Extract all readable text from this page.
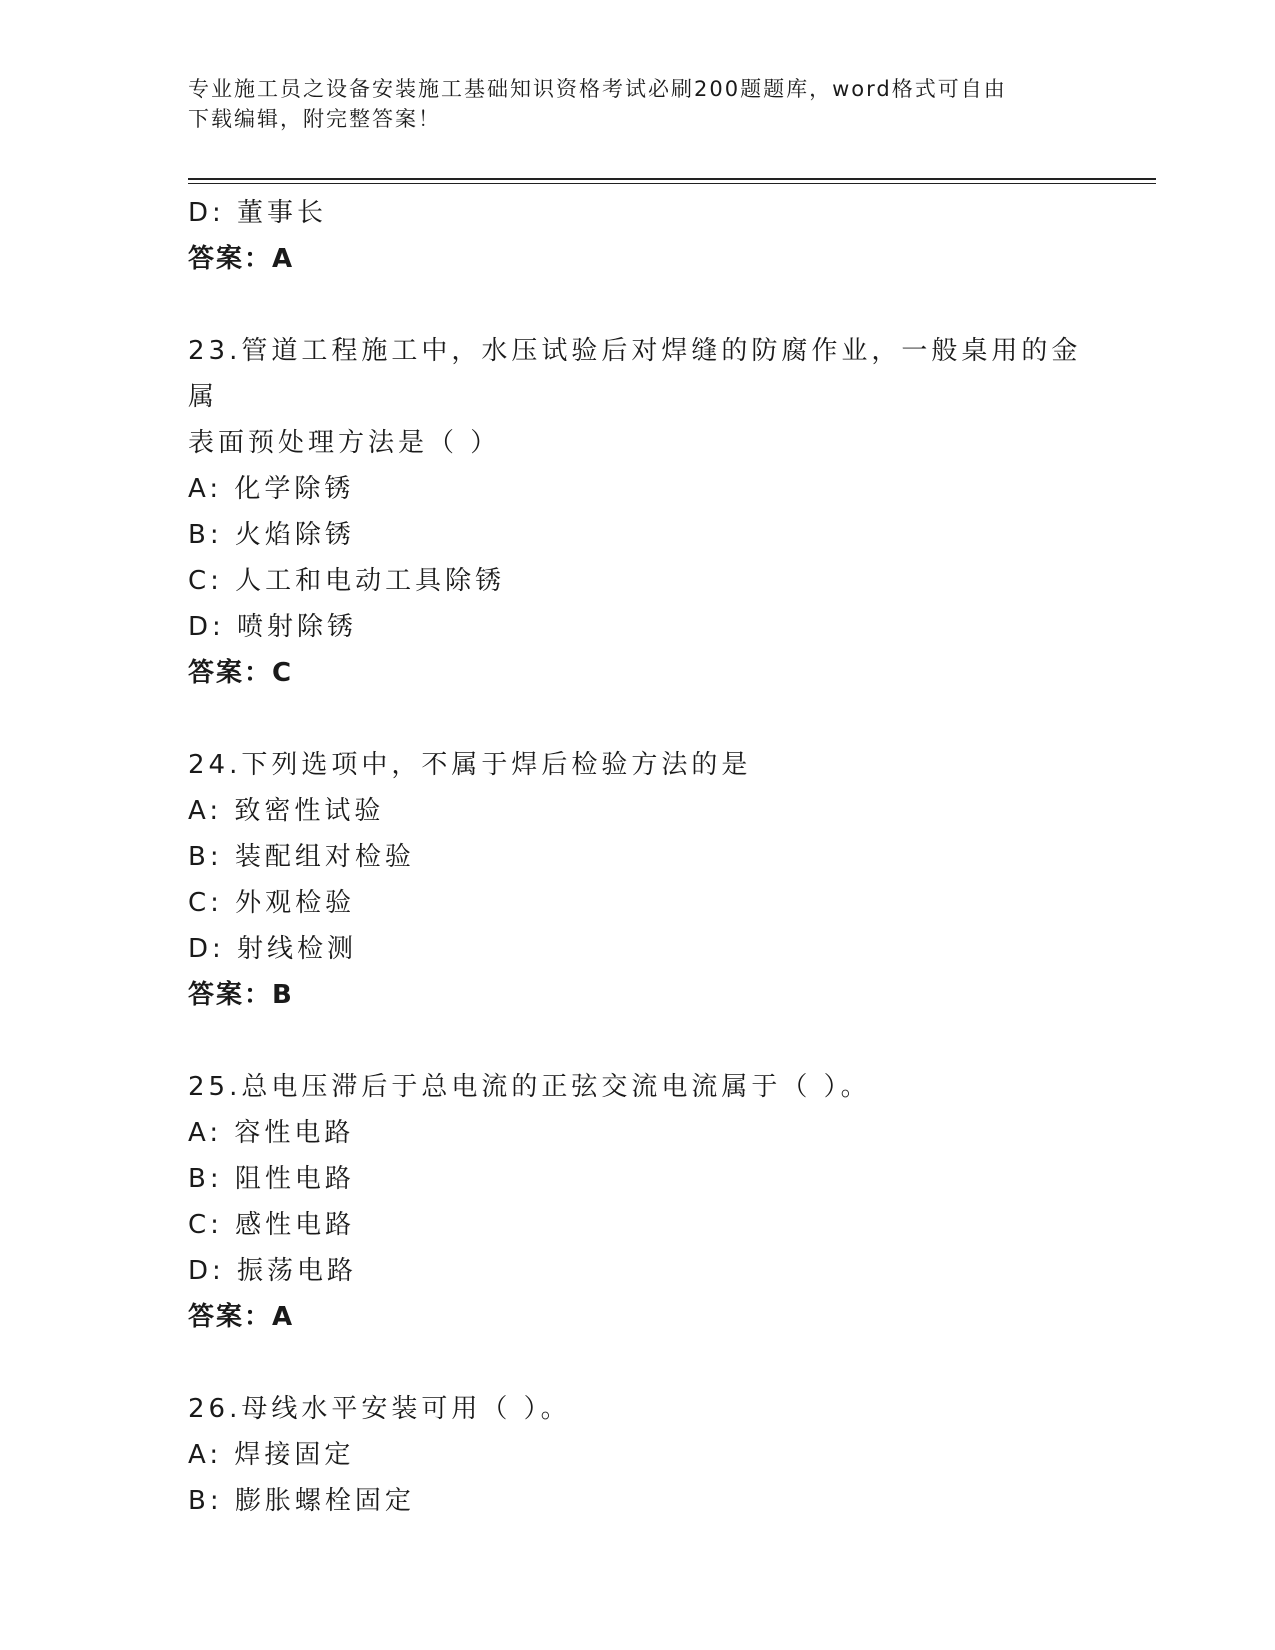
专业施工员之设备安装施工基础知识资格考试必刷200题题库，word格式可自由
下载编辑，附完整答案！
D: 董事长
答案：A
23.管道工程施工中，水压试验后对焊缝的防腐作业，一般桌用的金属
表面预处理方法是（ ）
A: 化学除锈
B: 火焰除锈
C: 人工和电动工具除锈
D: 喷射除锈
答案：C
24.下列选项中，不属于焊后检验方法的是
A: 致密性试验
B: 装配组对检验
C: 外观检验
D: 射线检测
答案：B
25.总电压滞后于总电流的正弦交流电流属于（ ）。
A: 容性电路
B: 阻性电路
C: 感性电路
D: 振荡电路
答案：A
26.母线水平安装可用（ ）。
A: 焊接固定
B: 膨胀螺栓固定
